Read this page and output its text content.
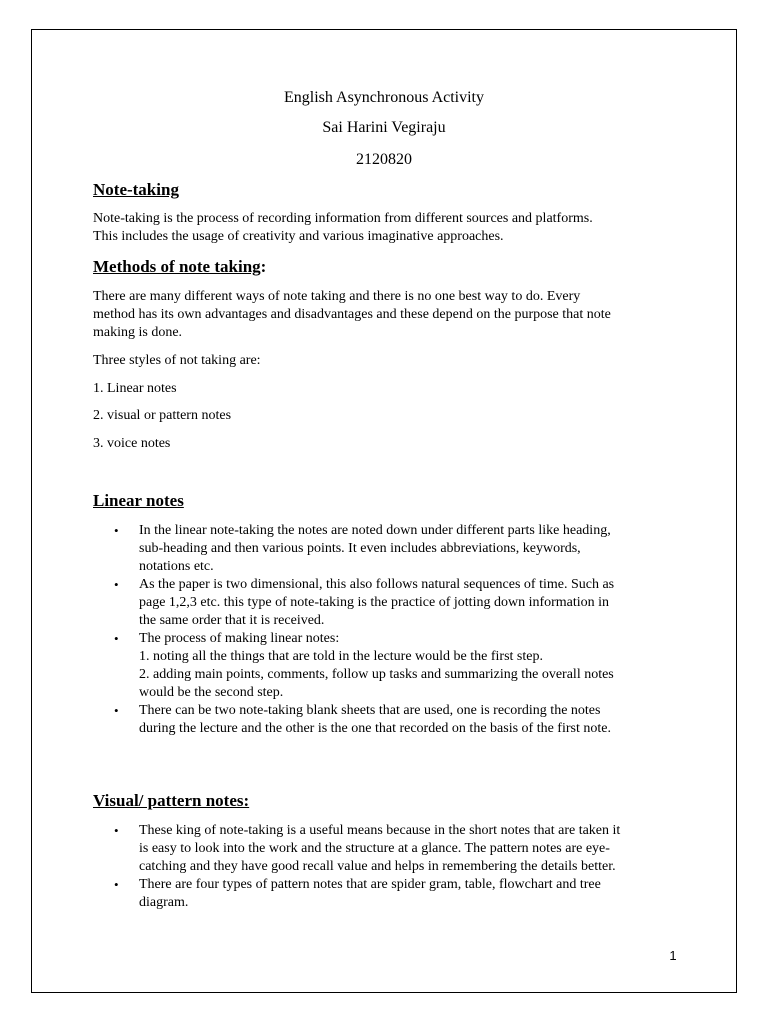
English Asynchronous Activity
Sai Harini Vegiraju
2120820
Note-taking
Note-taking is the process of recording information from different sources and platforms.
This includes the usage of creativity and various imaginative approaches.
Methods of note taking:
There are many different ways of note taking and there is no one best way to do. Every
method has its own advantages and disadvantages and these depend on the purpose that note
making is done.
Three styles of not taking are:
1. Linear notes
2. visual or pattern notes
3. voice notes
Linear notes
• In the linear note-taking the notes are noted down under different parts like heading,
sub-heading and then various points. It even includes abbreviations, keywords,
notations etc.
• As the paper is two dimensional, this also follows natural sequences of time. Such as
page 1,2,3 etc. this type of note-taking is the practice of jotting down information in
the same order that it is received.
• The process of making linear notes:
1. noting all the things that are told in the lecture would be the first step.
2. adding main points, comments, follow up tasks and summarizing the overall notes
would be the second step.
• There can be two note-taking blank sheets that are used, one is recording the notes
during the lecture and the other is the one that recorded on the basis of the first note.
Visual/ pattern notes:
• These king of note-taking is a useful means because in the short notes that are taken it
is easy to look into the work and the structure at a glance. The pattern notes are eye-
catching and they have good recall value and helps in remembering the details better.
• There are four types of pattern notes that are spider gram, table, flowchart and tree
diagram.
1
